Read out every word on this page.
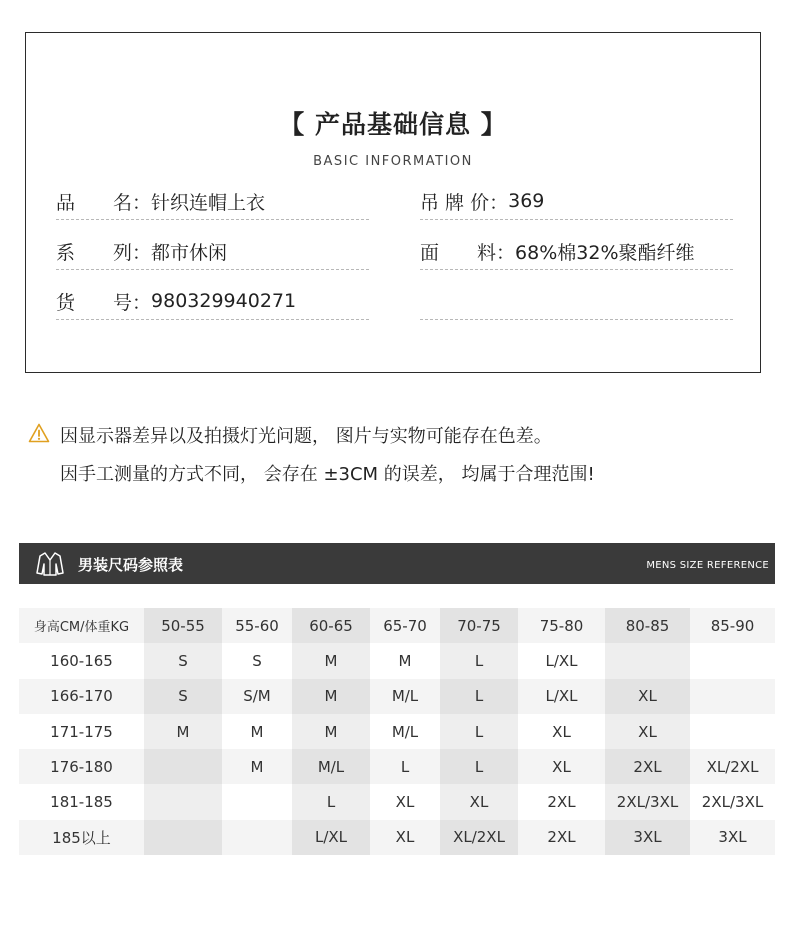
【 产品基础信息 】
BASIC INFORMATION
品　　名 ： 针织连帽上衣
系　　列 ： 都市休闲
货　　号 ： 980329940271
吊 牌 价 ： 369
面　　料 ： 68%棉32%聚酯纤维
因显示器差异以及拍摄灯光问题， 图片与实物可能存在色差。
因手工测量的方式不同， 会存在 ±3CM 的误差， 均属于合理范围!
男装尺码参照表	MENS SIZE REFERENCE
身高CM/体重KG	50-55	55-60	60-65	65-70	70-75	75-80	80-85	85-90
160-165	S	S	M	M	L	L/XL		
166-170	S	S/M	M	M/L	L	L/XL	XL	
171-175	M	M	M	M/L	L	XL	XL	
176-180		M	M/L	L	L	XL	2XL	XL/2XL
181-185			L	XL	XL	2XL	2XL/3XL	2XL/3XL
185以上			L/XL	XL	XL/2XL	2XL	3XL	3XL
